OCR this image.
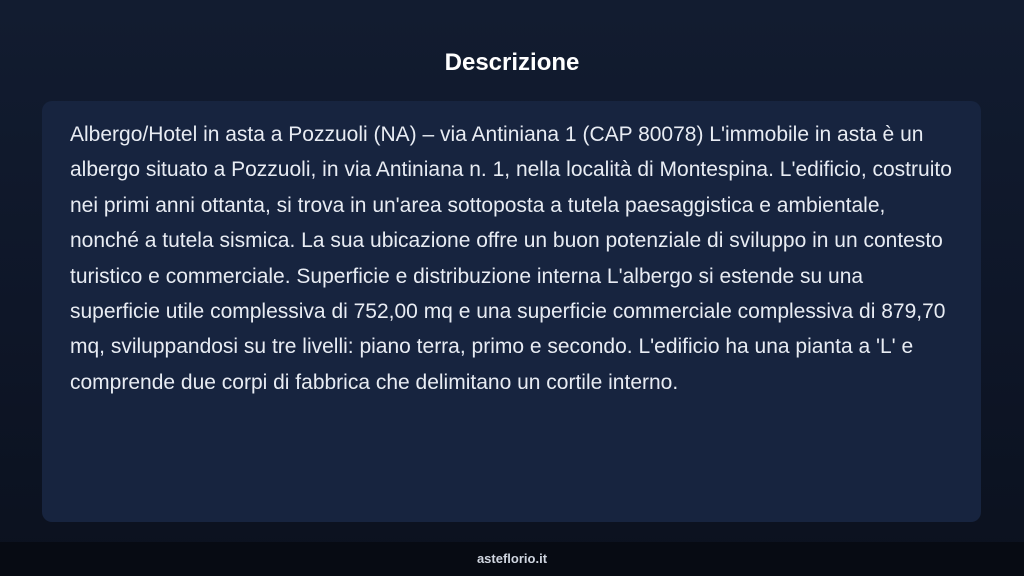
Descrizione

Albergo/Hotel in asta a Pozzuoli (NA) – via Antiniana 1 (CAP 80078) L'immobile in asta è un albergo situato a Pozzuoli, in via Antiniana n. 1, nella località di Montespina. L'edificio, costruito nei primi anni ottanta, si trova in un'area sottoposta a tutela paesaggistica e ambientale, nonché a tutela sismica. La sua ubicazione offre un buon potenziale di sviluppo in un contesto turistico e commerciale. Superficie e distribuzione interna L'albergo si estende su una superficie utile complessiva di 752,00 mq e una superficie commerciale complessiva di 879,70 mq, sviluppandosi su tre livelli: piano terra, primo e secondo. L'edificio ha una pianta a 'L' e comprende due corpi di fabbrica che delimitano un cortile interno.

asteflorio.it
